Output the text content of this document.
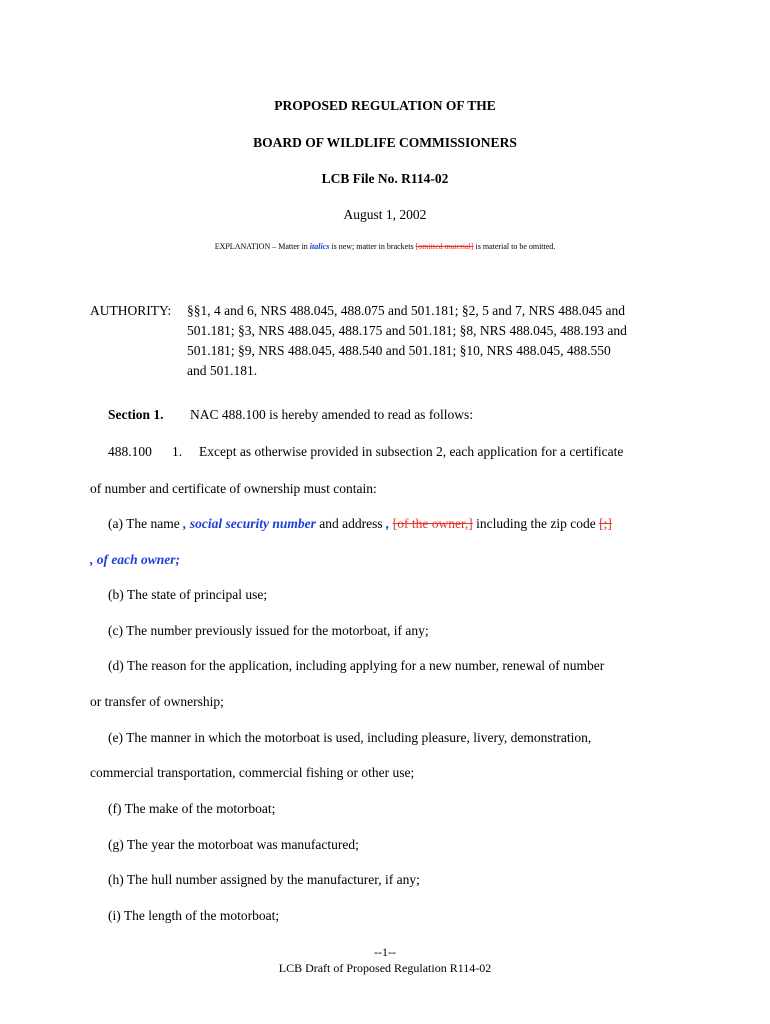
PROPOSED REGULATION OF THE
BOARD OF WILDLIFE COMMISSIONERS
LCB File No. R114-02
August 1, 2002
EXPLANATION – Matter in italics is new; matter in brackets [omitted material] is material to be omitted.
AUTHORITY: §§1, 4 and 6, NRS 488.045, 488.075 and 501.181; §2, 5 and 7, NRS 488.045 and
501.181; §3, NRS 488.045, 488.175 and 501.181; §8, NRS 488.045, 488.193 and
501.181; §9, NRS 488.045, 488.540 and 501.181; §10, NRS 488.045, 488.550
and 501.181.
Section 1. NAC 488.100 is hereby amended to read as follows:
488.100 1. Except as otherwise provided in subsection 2, each application for a certificate
of number and certificate of ownership must contain:
(a) The name , social security number and address , [of the owner,] including the zip code [;]
, of each owner;
(b) The state of principal use;
(c) The number previously issued for the motorboat, if any;
(d) The reason for the application, including applying for a new number, renewal of number
or transfer of ownership;
(e) The manner in which the motorboat is used, including pleasure, livery, demonstration,
commercial transportation, commercial fishing or other use;
(f) The make of the motorboat;
(g) The year the motorboat was manufactured;
(h) The hull number assigned by the manufacturer, if any;
(i) The length of the motorboat;
--1--
LCB Draft of Proposed Regulation R114-02
